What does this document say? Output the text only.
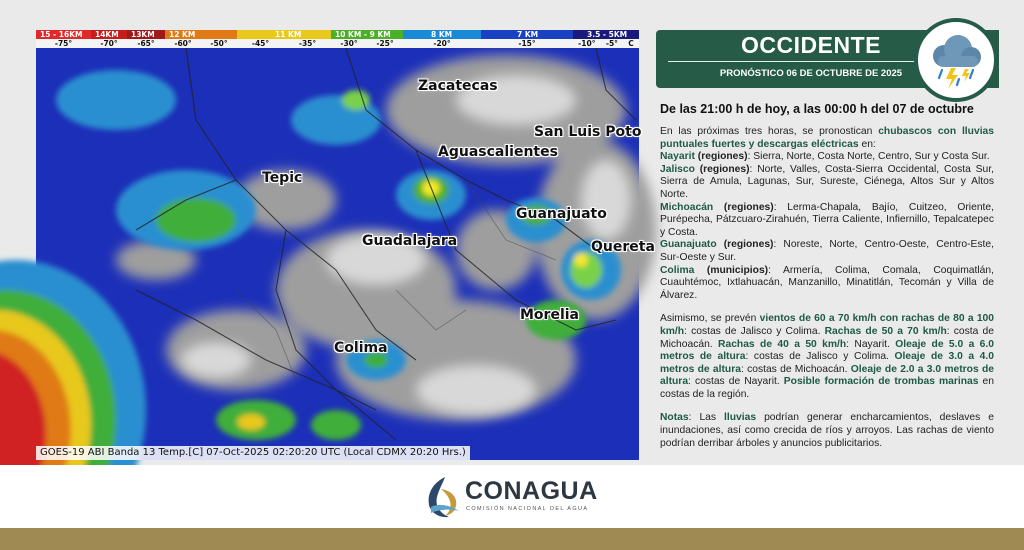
15 - 16KM
-75°
14KM
-70°
13KM
-65°
12 KM
-60° -50°
11 KM
-45°	-35°
10 KM - 9 KM
-30° -25°
8 KM
-20°
7 KM
-15°
3.5 - 5KM
-10° -5° C
Zacatecas
San Luis Poto
Aguascalientes
Tepic
Guanajuato
Guadalajara	Quereta
Morelia
Colima
GOES-19 ABI Banda 13 Temp.[C] 07-Oct-2025 02:20:20 UTC (Local CDMX 20:20 Hrs.)
OCCIDENTE
PRONÓSTICO 06 DE OCTUBRE DE 2025
De las 21:00 h de hoy, a las 00:00 h del 07 de octubre

En las próximas tres horas, se pronostican chubascos con lluvias puntuales fuertes y descargas eléctricas en:

Nayarit (regiones): Sierra, Norte, Costa Norte, Centro, Sur y Costa Sur.

Jalisco (regiones): Norte, Valles, Costa-Sierra Occidental, Costa Sur, Sierra de Amula, Lagunas, Sur, Sureste, Ciénega, Altos Sur y Altos Norte.

Michoacán (regiones): Lerma-Chapala, Bajío, Cuitzeo, Oriente, Purépecha, Pátzcuaro-Zirahuén, Tierra Caliente, Infiernillo, Tepalcatepec y Costa.

Guanajuato (regiones): Noreste, Norte, Centro-Oeste, Centro-Este, Sur-Oeste y Sur.

Colima (municipios): Armería, Colima, Comala, Coquimatlán, Cuauhtémoc, Ixtlahuacán, Manzanillo, Minatitlán, Tecomán y Villa de Álvarez.

Asimismo, se prevén vientos de 60 a 70 km/h con rachas de 80 a 100 km/h: costas de Jalisco y Colima. Rachas de 50 a 70 km/h: costa de Michoacán. Rachas de 40 a 50 km/h: Nayarit. Oleaje de 5.0 a 6.0 metros de altura: costas de Jalisco y Colima. Oleaje de 3.0 a 4.0 metros de altura: costas de Michoacán. Oleaje de 2.0 a 3.0 metros de altura: costas de Nayarit. Posible formación de trombas marinas en costas de la región.

Notas: Las lluvias podrían generar encharcamientos, deslaves e inundaciones, así como crecida de ríos y arroyos. Las rachas de viento podrían derribar árboles y anuncios publicitarios.

CONAGUA
COMISIÓN NACIONAL DEL AGUA
